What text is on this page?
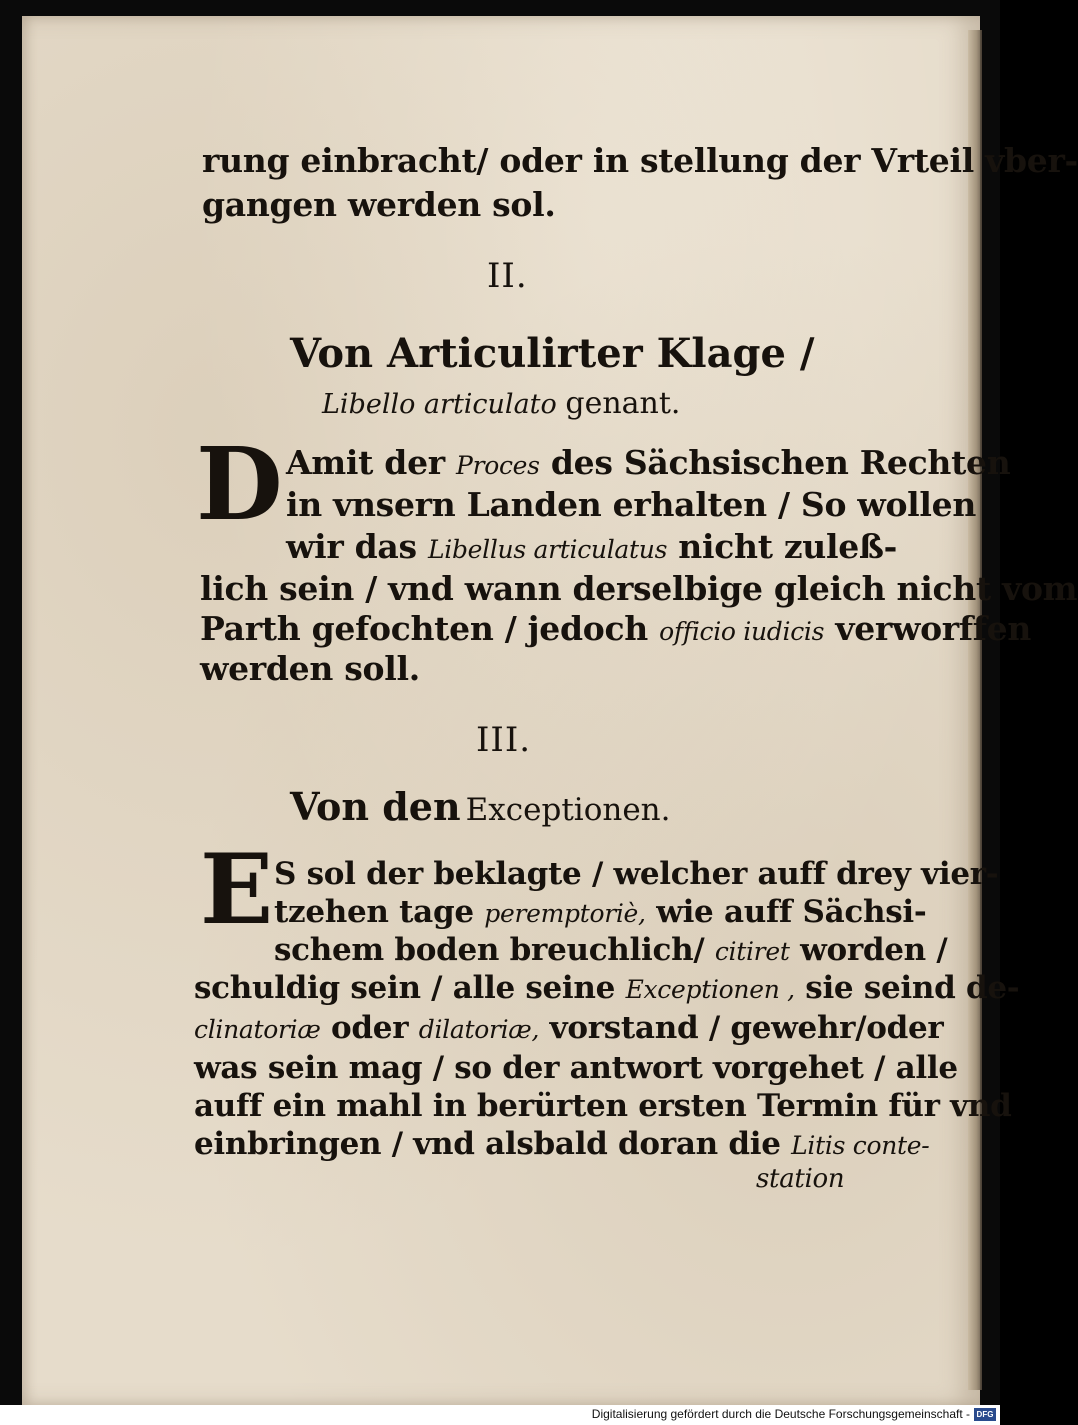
rung einbracht/ oder in stellung der Vrteil vber-
gangen werden sol.
II.
Von Articulirter Klage /
Libello articulato genant.
D Amit der Proces des Sächsischen Rechten
in vnsern Landen erhalten / So wollen
wir das Libellus articulatus nicht zuleß-
lich sein / vnd wann derselbige gleich nicht vom
Parth gefochten / jedoch officio iudicis verworffen
werden soll.
III.
Von den Exceptionen.
E S sol der beklagte / welcher auff drey vier-
tzehen tage peremptoriè, wie auff Sächsi-
schem boden breuchlich/ citiret worden /
schuldig sein / alle seine Exceptionen , sie seind de-
clinatoriæ oder dilatoriæ, vorstand / gewehr/oder
was sein mag / so der antwort vorgehet / alle
auff ein mahl in berürten ersten Termin für vnd
einbringen / vnd alsbald doran die Litis conte-
station
Digitalisierung gefördert durch die Deutsche Forschungsgemeinschaft - DFG
